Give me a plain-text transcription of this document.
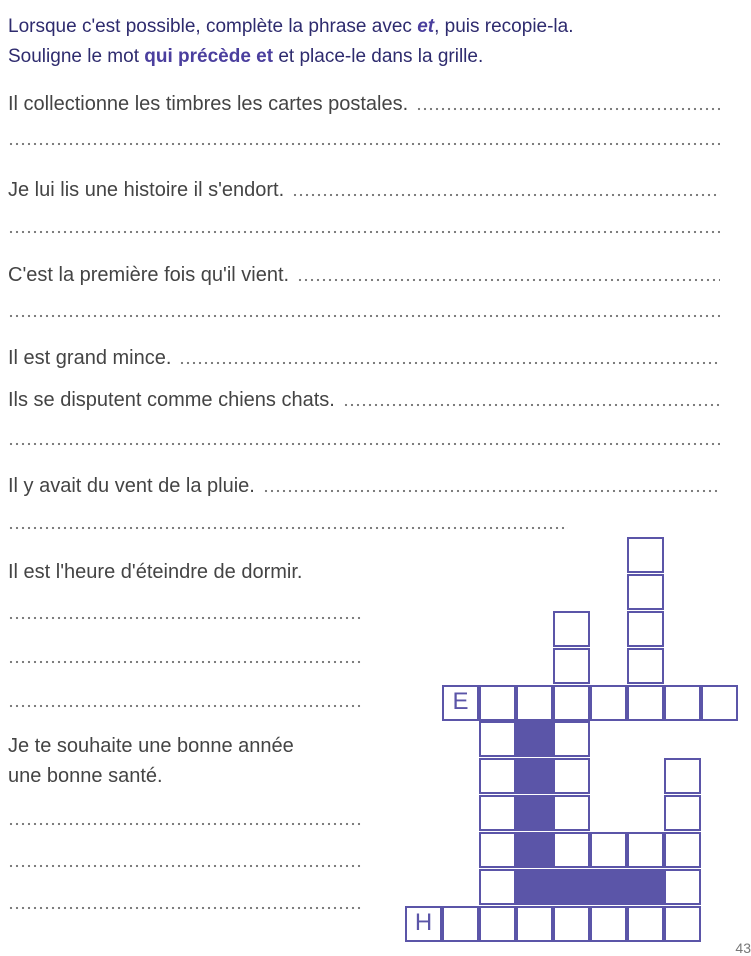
Lorsque c'est possible, complète la phrase avec et, puis recopie-la.
Souligne le mot qui précède et et place-le dans la grille.
Il collectionne les timbres les cartes postales.
Je lui lis une histoire il s'endort.
C'est la première fois qu'il vient.
Il est grand mince.
Ils se disputent comme chiens chats.
Il y avait du vent de la pluie.
Il est l'heure d'éteindre de dormir.
Je te souhaite une bonne année
une bonne santé.
E
H
43
